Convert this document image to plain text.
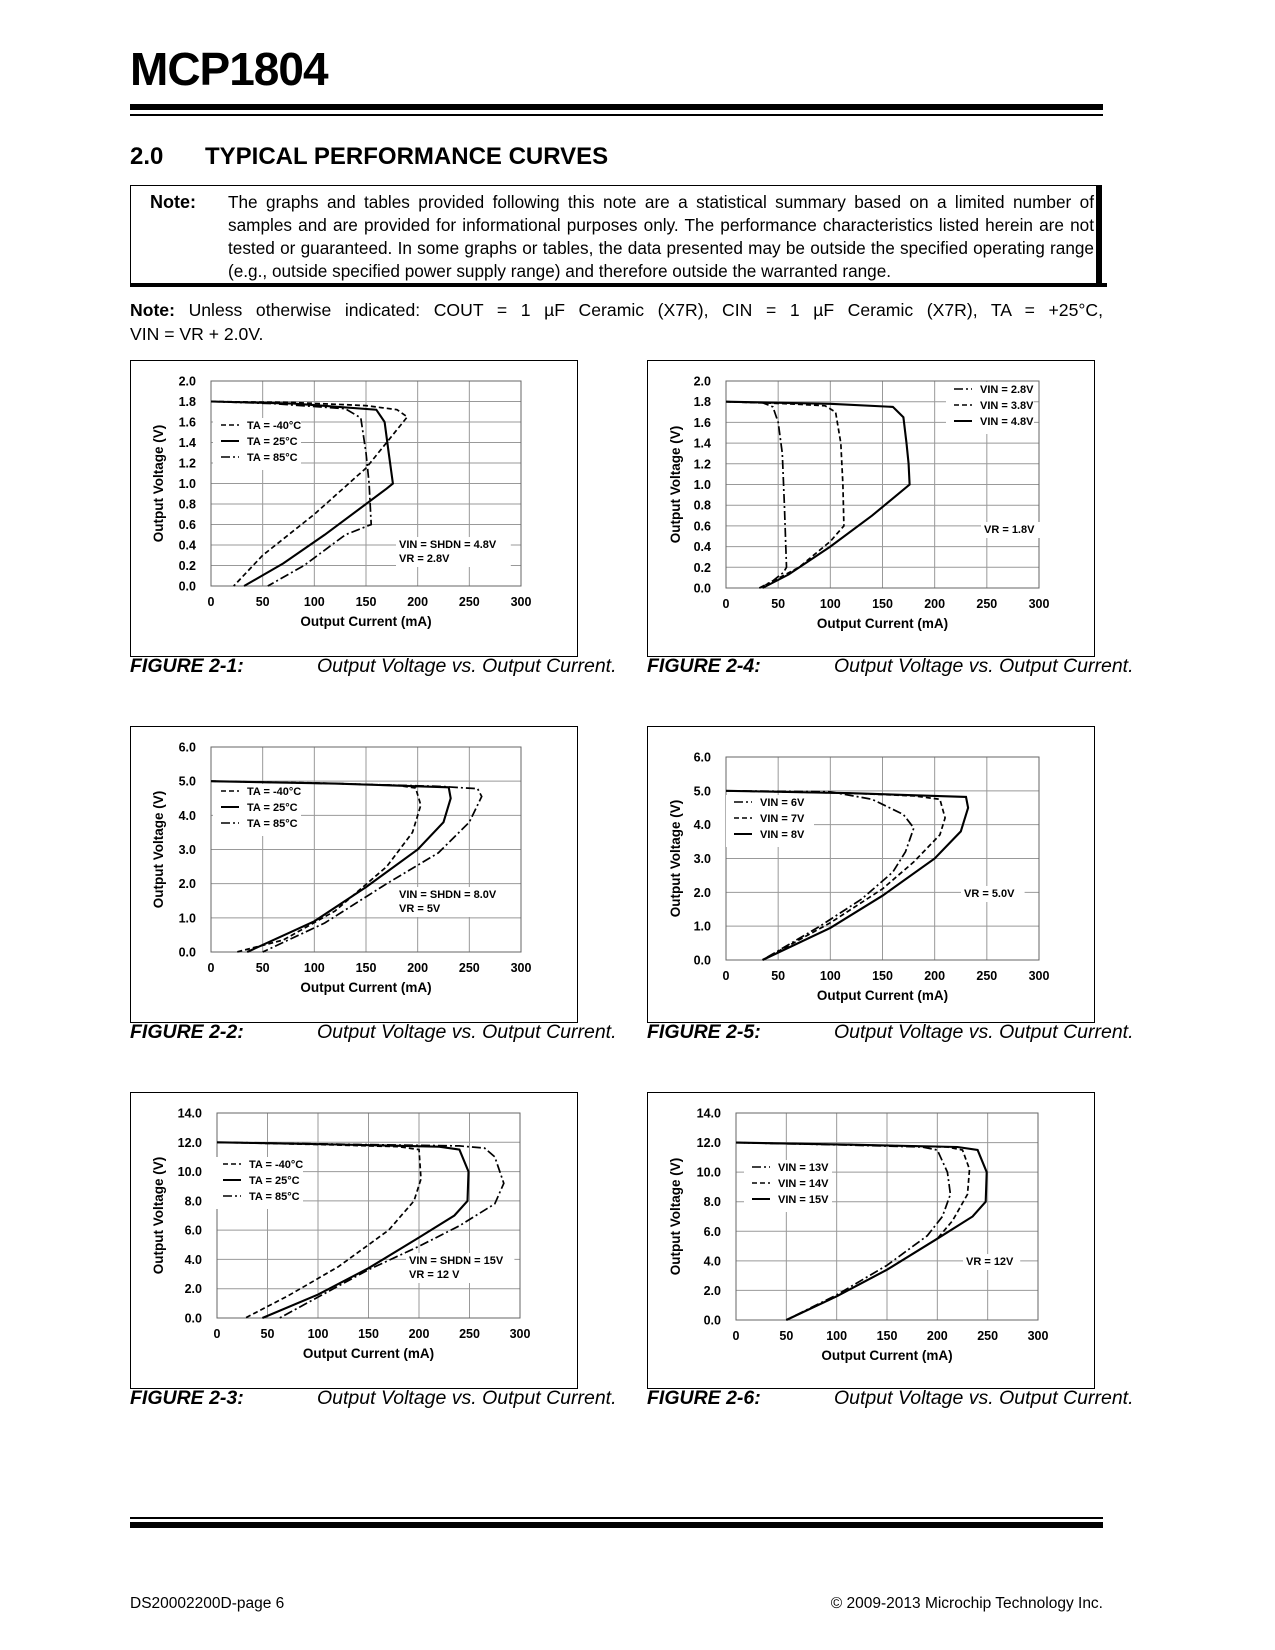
MCP1804
2.0 TYPICAL PERFORMANCE CURVES
Note: The graphs and tables provided following this note are a statistical summary based on a limited number of samples and are provided for informational purposes only. The performance characteristics listed herein are not tested or guaranteed. In some graphs or tables, the data presented may be outside the specified operating range (e.g., outside specified power supply range) and therefore outside the warranted range.
Note: Unless otherwise indicated: COUT = 1 µF Ceramic (X7R), CIN = 1 µF Ceramic (X7R), TA = +25°C,
VIN = VR + 2.0V.
0	50	100 150 200 250 300
0.0
0.2
0.4
0.6
0.8
1.0
1.2
1.4
1.6
1.8
2.0
Output Current (mA)
Output Voltage (V)	TA = -40°C
TA = 25°C
TA = 85°C
VIN = SHDN = 4.8V
VR = 2.8V
FIGURE 2-1:	Output Voltage vs. Output Current.
0	50	100 150 200 250 300
0.0
1.0
2.0
3.0
4.0
5.0
6.0
Output Current (mA)
Output Voltage (V)	TA = -40°C
TA = 25°C
TA = 85°C
VIN = SHDN = 8.0V
VR = 5V
FIGURE 2-2:	Output Voltage vs. Output Current.
0	50	100 150 200 250 300
0.0
2.0
4.0
6.0
8.0
10.0
12.0
14.0
Output Current (mA)
Output Voltage (V)	TA = -40°C
TA = 25°C
TA = 85°C
VIN = SHDN = 15V
VR = 12 V
FIGURE 2-3:	Output Voltage vs. Output Current.
0	50	100	150	200	250	300
0.0
0.2
0.4
0.6
0.8
1.0
1.2
1.4
1.6
1.8
2.0
Output Current (mA)
Output Voltage (V)
VIN = 2.8V
VIN = 3.8V
VIN = 4.8V
VR = 1.8V
FIGURE 2-4:	Output Voltage vs. Output Current.
0	50	100	150	200	250	300
0.0
1.0
2.0
3.0
4.0
5.0
6.0
Output Current (mA)
Output Voltage (V)	VIN = 6V
VIN = 7V
VIN = 8V
VR = 5.0V
FIGURE 2-5:	Output Voltage vs. Output Current.
0	50	100 150 200 250 300
0.0
2.0
4.0
6.0
8.0
10.0
12.0
14.0
Output Current (mA)
Output Voltage (V)	VIN = 13V
VIN = 14V
VIN = 15V
VR = 12V
FIGURE 2-6:	Output Voltage vs. Output Current.
DS20002200D-page 6	© 2009-2013 Microchip Technology Inc.
